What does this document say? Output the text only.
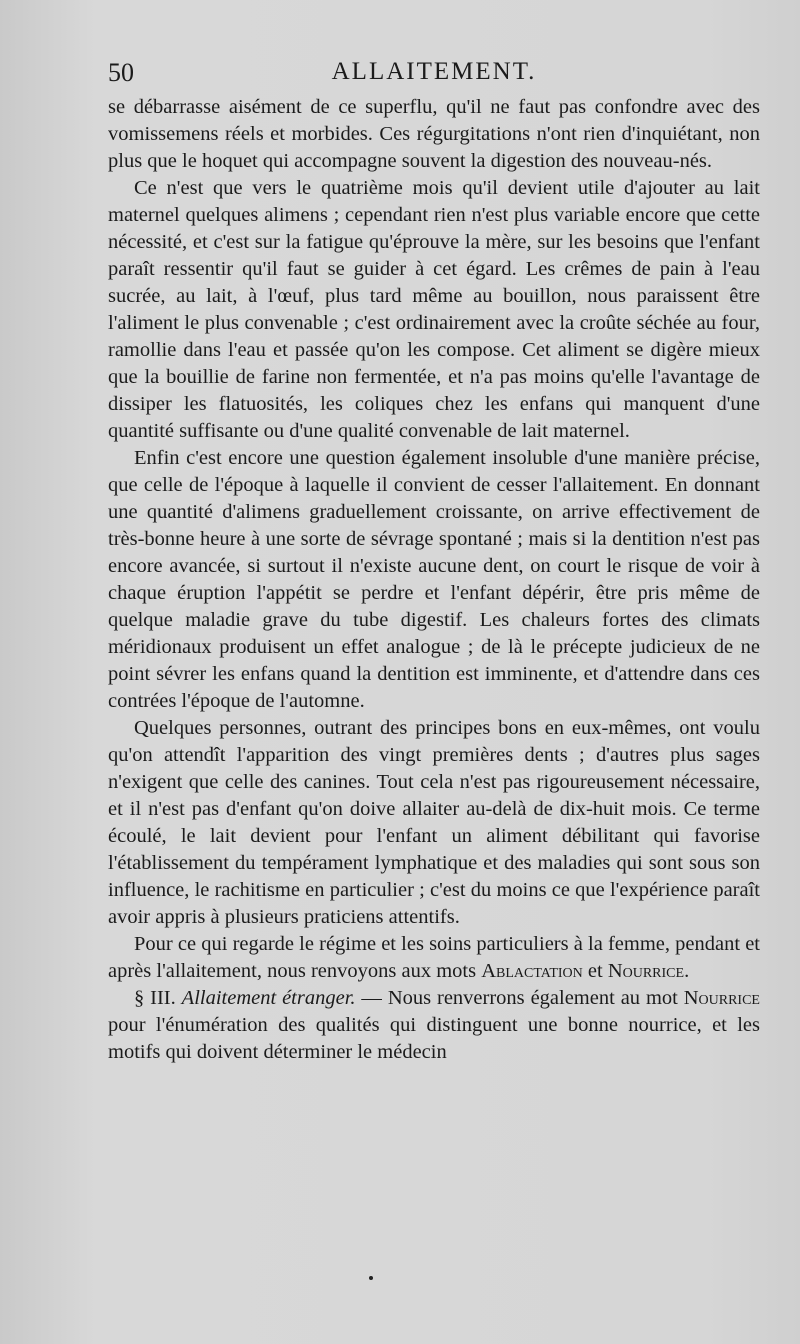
50	ALLAITEMENT.

se débarrasse aisément de ce superflu, qu'il ne faut pas confondre avec des vomissemens réels et morbides. Ces régurgitations n'ont rien d'inquiétant, non plus que le hoquet qui accompagne souvent la digestion des nouveau-nés.

Ce n'est que vers le quatrième mois qu'il devient utile d'ajouter au lait maternel quelques alimens ; cependant rien n'est plus variable encore que cette nécessité, et c'est sur la fatigue qu'éprouve la mère, sur les besoins que l'enfant paraît ressentir qu'il faut se guider à cet égard. Les crêmes de pain à l'eau sucrée, au lait, à l'œuf, plus tard même au bouillon, nous paraissent être l'aliment le plus convenable ; c'est ordinairement avec la croûte séchée au four, ramollie dans l'eau et passée qu'on les compose. Cet aliment se digère mieux que la bouillie de farine non fermentée, et n'a pas moins qu'elle l'avantage de dissiper les flatuosités, les coliques chez les enfans qui manquent d'une quantité suffisante ou d'une qualité convenable de lait maternel.

Enfin c'est encore une question également insoluble d'une manière précise, que celle de l'époque à laquelle il convient de cesser l'allaitement. En donnant une quantité d'alimens graduellement croissante, on arrive effectivement de très-bonne heure à une sorte de sévrage spontané ; mais si la dentition n'est pas encore avancée, si surtout il n'existe aucune dent, on court le risque de voir à chaque éruption l'appétit se perdre et l'enfant dépérir, être pris même de quelque maladie grave du tube digestif. Les chaleurs fortes des climats méridionaux produisent un effet analogue ; de là le précepte judicieux de ne point sévrer les enfans quand la dentition est imminente, et d'attendre dans ces contrées l'époque de l'automne.

Quelques personnes, outrant des principes bons en eux-mêmes, ont voulu qu'on attendît l'apparition des vingt premières dents ; d'autres plus sages n'exigent que celle des canines. Tout cela n'est pas rigoureusement nécessaire, et il n'est pas d'enfant qu'on doive allaiter au-delà de dix-huit mois. Ce terme écoulé, le lait devient pour l'enfant un aliment débilitant qui favorise l'établissement du tempérament lymphatique et des maladies qui sont sous son influence, le rachitisme en particulier ; c'est du moins ce que l'expérience paraît avoir appris à plusieurs praticiens attentifs.

Pour ce qui regarde le régime et les soins particuliers à la femme, pendant et après l'allaitement, nous renvoyons aux mots Ablactation et Nourrice.

§ III. Allaitement étranger. — Nous renverrons également au mot Nourrice pour l'énumération des qualités qui distinguent une bonne nourrice, et les motifs qui doivent déterminer le médecin
